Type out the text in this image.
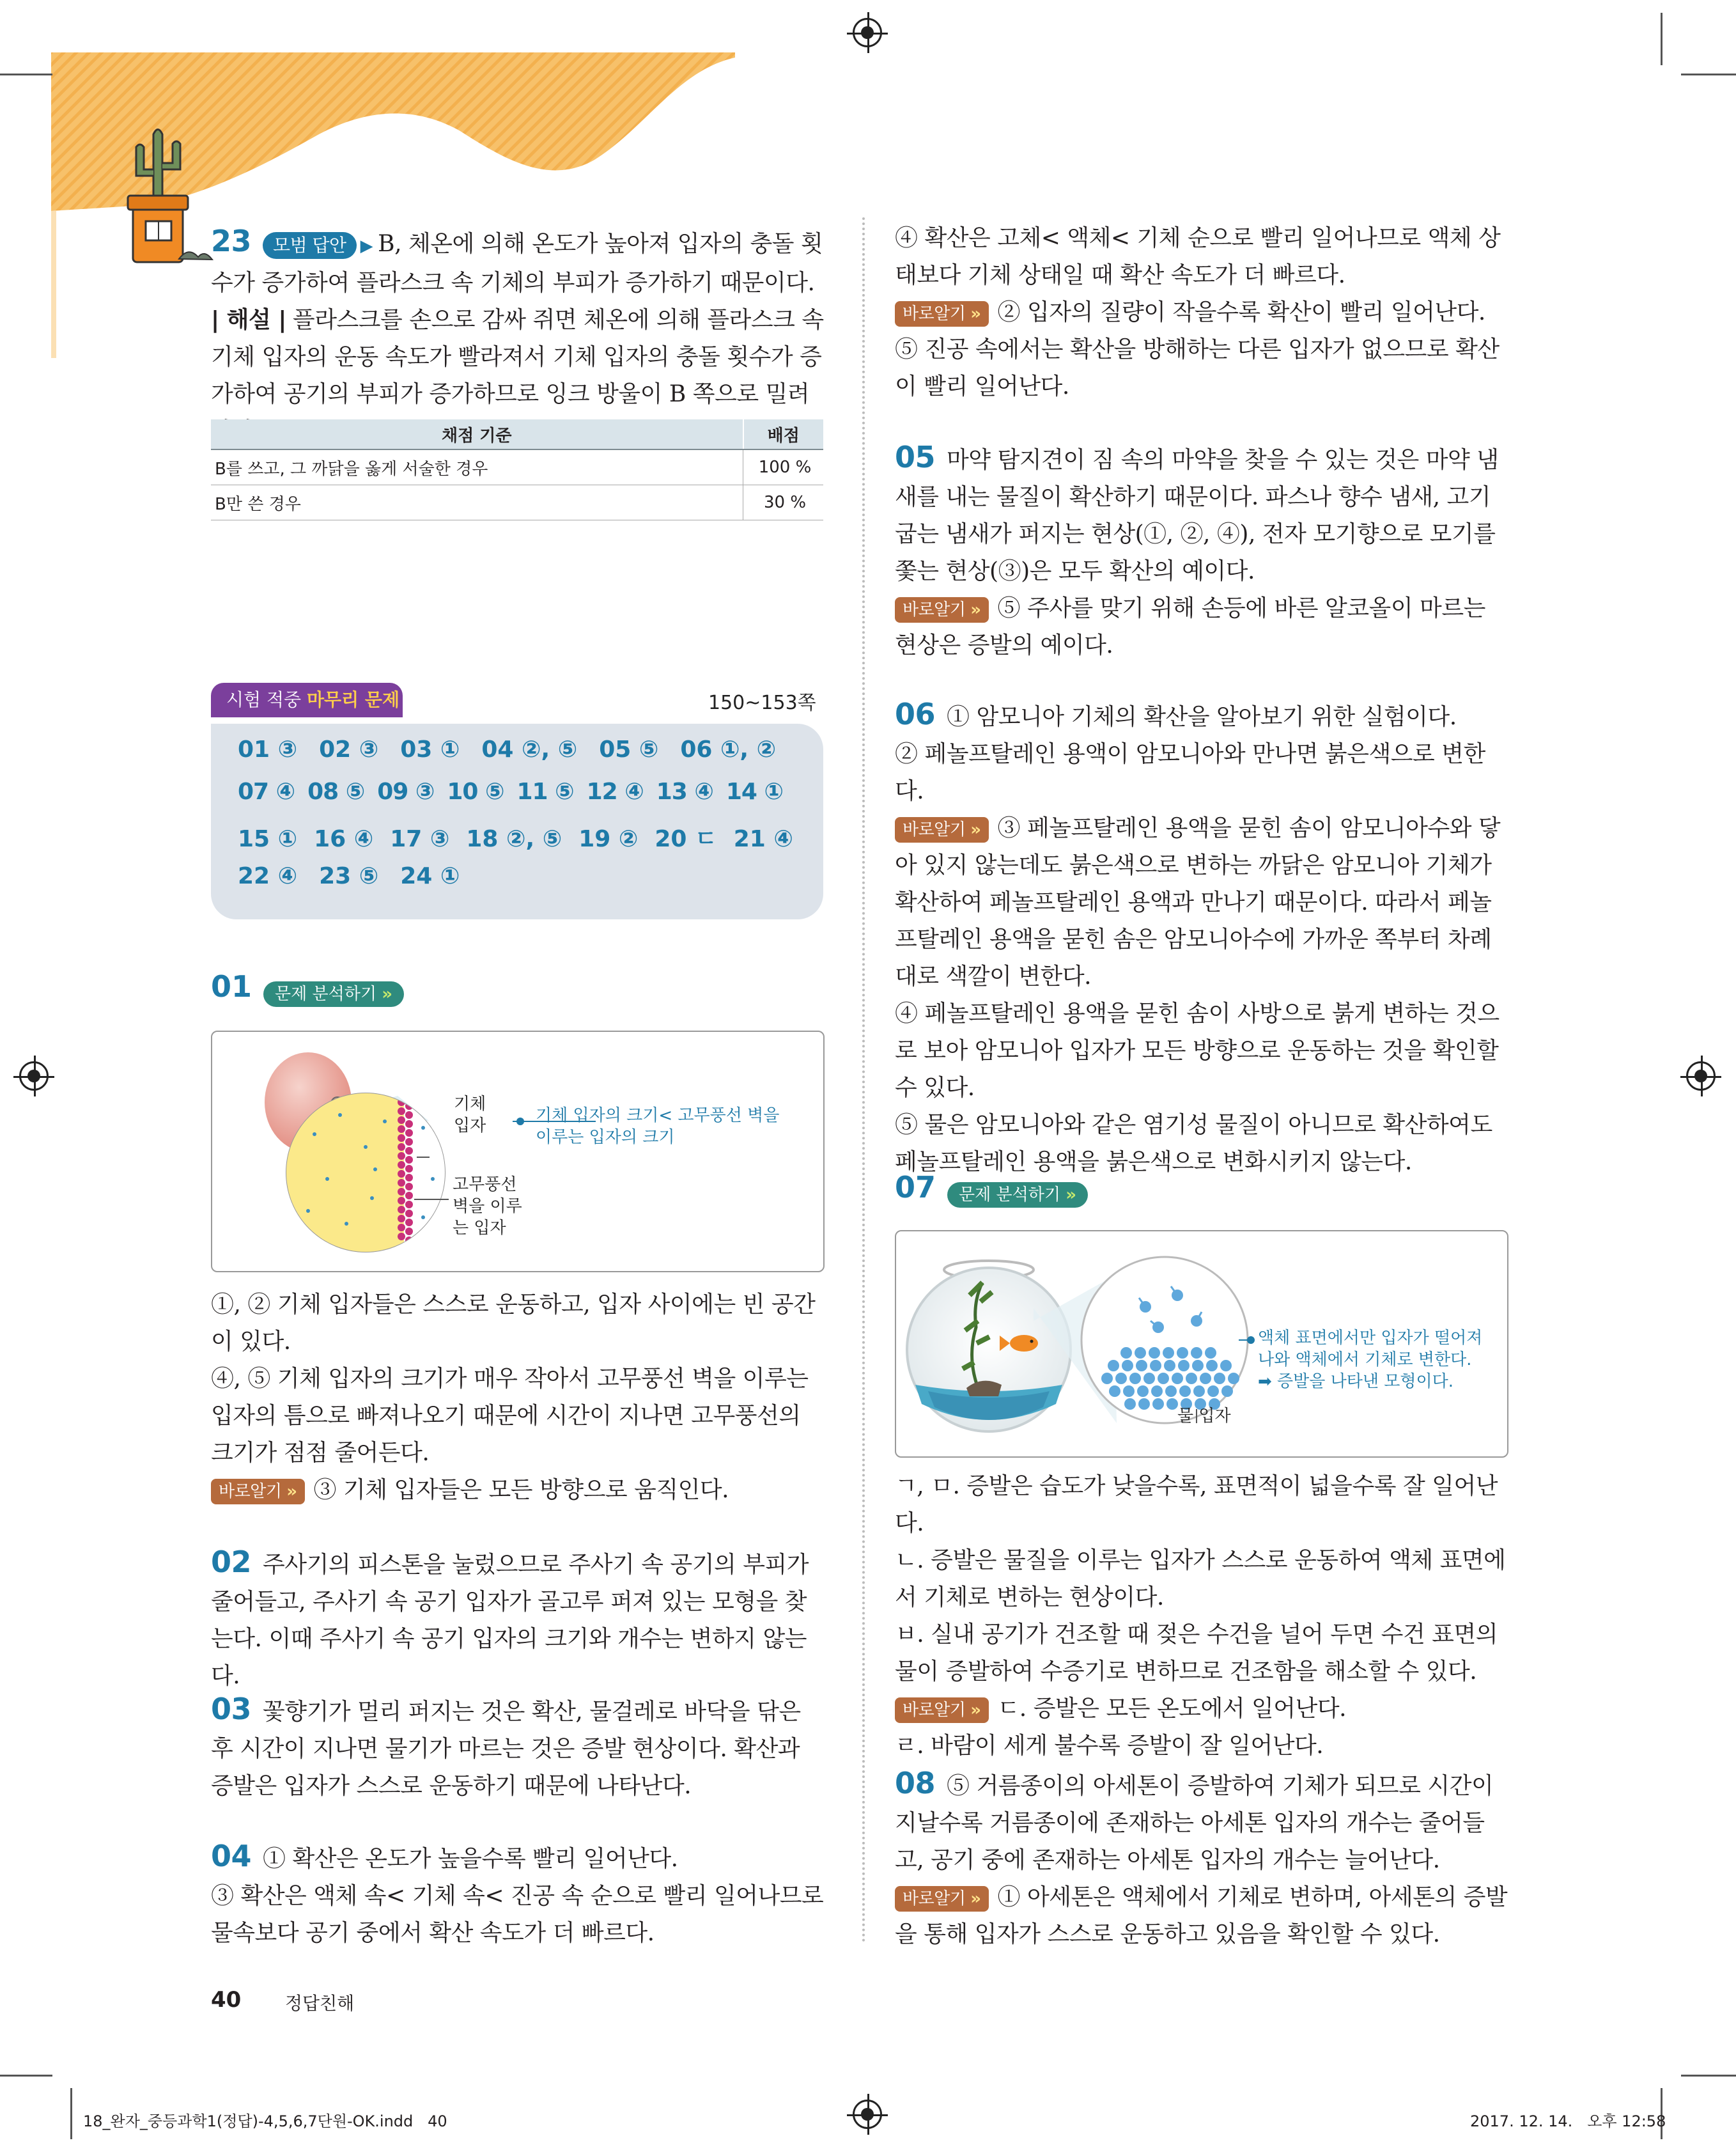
23 모범 답안 ▶ B, 체온에 의해 온도가 높아져 입자의 충돌 횟수가 증가하여 플라스크 속 기체의 부피가 증가하기 때문이다.

| 해설 | 플라스크를 손으로 감싸 쥐면 체온에 의해 플라스크 속 기체 입자의 운동 속도가 빨라져서 기체 입자의 충돌 횟수가 증가하여 공기의 부피가 증가하므로 잉크 방울이 B 쪽으로 밀려

채점 기준	배점
B를 쓰고, 그 까닭을 옳게 서술한 경우	100 %
B만 쓴 경우	30 %
시험 적중 마무리 문제	150~153쪽
01 ③ 02 ③ 03 ① 04 ②, ⑤ 05 ⑤ 06 ①, ②
07 ④ 08 ⑤ 09 ③ 10 ⑤ 11 ⑤ 12 ④ 13 ④ 14 ①
15 ① 16 ④ 17 ③ 18 ②, ⑤ 19 ② 20 ㄷ 21 ④
22 ④ 23 ⑤ 24 ①
01 문제 분석하기 »
기체
입자
고무풍선
벽을 이루
는 입자
기체 입자의 크기< 고무풍선 벽을
이루는 입자의 크기

①, ② 기체 입자들은 스스로 운동하고, 입자 사이에는 빈 공간이 있다.

④, ⑤ 기체 입자의 크기가 매우 작아서 고무풍선 벽을 이루는 입자의 틈으로 빠져나오기 때문에 시간이 지나면 고무풍선의 크기가 점점 줄어든다.

바로알기 » ③ 기체 입자들은 모든 방향으로 움직인다.

02 주사기의 피스톤을 눌렀으므로 주사기 속 공기의 부피가 줄어들고, 주사기 속 공기 입자가 골고루 퍼져 있는 모형을 찾는다. 이때 주사기 속 공기 입자의 크기와 개수는 변하지 않는다.

03 꽃향기가 멀리 퍼지는 것은 확산, 물걸레로 바닥을 닦은 후 시간이 지나면 물기가 마르는 것은 증발 현상이다. 확산과 증발은 입자가 스스로 운동하기 때문에 나타난다.

04 ① 확산은 온도가 높을수록 빨리 일어난다.

③ 확산은 액체 속< 기체 속< 진공 속 순으로 빨리 일어나므로 물속보다 공기 중에서 확산 속도가 더 빠르다.

40 정답친해
18_완자_중등과학1(정답)-4,5,6,7단원-OK.indd   40	2017. 12. 14.   오후 12:58

④ 확산은 고체< 액체< 기체 순으로 빨리 일어나므로 액체 상태보다 기체 상태일 때 확산 속도가 더 빠르다.

바로알기 » ② 입자의 질량이 작을수록 확산이 빨리 일어난다.

⑤ 진공 속에서는 확산을 방해하는 다른 입자가 없으므로 확산이 빨리 일어난다.

05 마약 탐지견이 짐 속의 마약을 찾을 수 있는 것은 마약 냄새를 내는 물질이 확산하기 때문이다. 파스나 향수 냄새, 고기 굽는 냄새가 퍼지는 현상(①, ②, ④), 전자 모기향으로 모기를 쫓는 현상(③)은 모두 확산의 예이다.

바로알기 » ⑤ 주사를 맞기 위해 손등에 바른 알코올이 마르는 현상은 증발의 예이다.

06 ① 암모니아 기체의 확산을 알아보기 위한 실험이다.

② 페놀프탈레인 용액이 암모니아와 만나면 붉은색으로 변한다.

바로알기 » ③ 페놀프탈레인 용액을 묻힌 솜이 암모니아수와 닿아 있지 않는데도 붉은색으로 변하는 까닭은 암모니아 기체가 확산하여 페놀프탈레인 용액과 만나기 때문이다. 따라서 페놀프탈레인 용액을 묻힌 솜은 암모니아수에 가까운 쪽부터 차례대로 색깔이 변한다.

④ 페놀프탈레인 용액을 묻힌 솜이 사방으로 붉게 변하는 것으로 보아 암모니아 입자가 모든 방향으로 운동하는 것을 확인할 수 있다.

⑤ 물은 암모니아와 같은 염기성 물질이 아니므로 확산하여도 페놀프탈레인 용액을 붉은색으로 변화시키지 않는다.

07 문제 분석하기 »
액체 표면에서만 입자가 떨어져
나와 액체에서 기체로 변한다.
➡ 증발을 나타낸 모형이다.
물 입자

ㄱ, ㅁ. 증발은 습도가 낮을수록, 표면적이 넓을수록 잘 일어난다.

ㄴ. 증발은 물질을 이루는 입자가 스스로 운동하여 액체 표면에서 기체로 변하는 현상이다.

ㅂ. 실내 공기가 건조할 때 젖은 수건을 널어 두면 수건 표면의 물이 증발하여 수증기로 변하므로 건조함을 해소할 수 있다.

바로알기 » ㄷ. 증발은 모든 온도에서 일어난다.

ㄹ. 바람이 세게 불수록 증발이 잘 일어난다.

08 ⑤ 거름종이의 아세톤이 증발하여 기체가 되므로 시간이 지날수록 거름종이에 존재하는 아세톤 입자의 개수는 줄어들고, 공기 중에 존재하는 아세톤 입자의 개수는 늘어난다.

바로알기 » ① 아세톤은 액체에서 기체로 변하며, 아세톤의 증발을 통해 입자가 스스로 운동하고 있음을 확인할 수 있다.
